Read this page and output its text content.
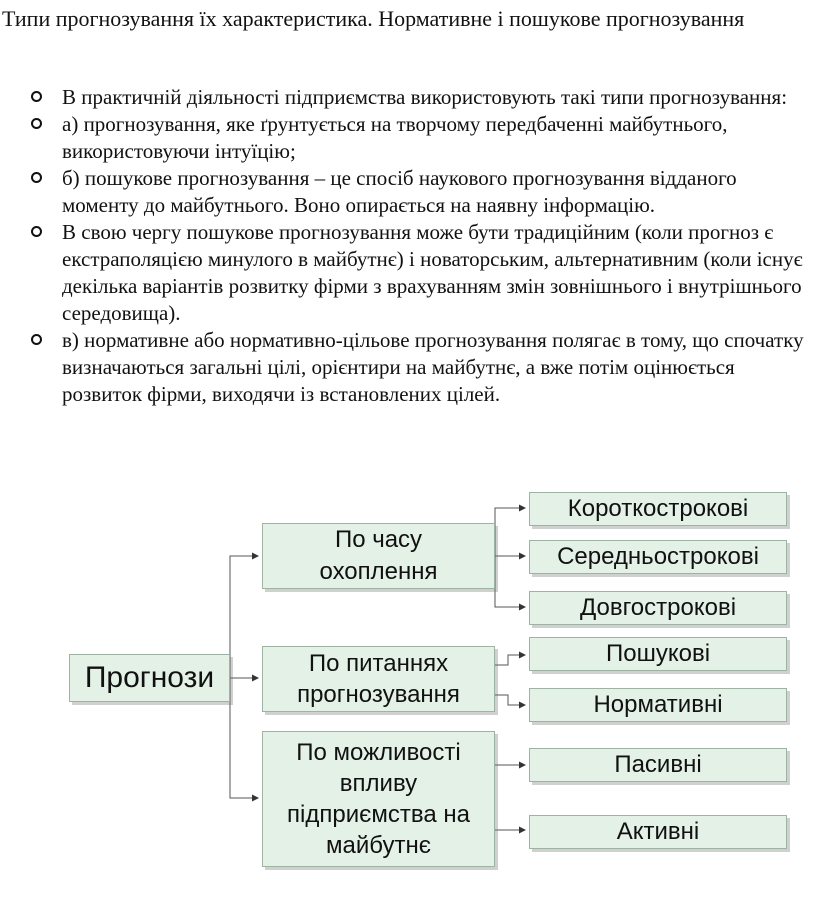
Типи прогнозування їх характеристика. Нормативне і пошукове прогнозування
В практичній діяльності підприємства використовують такі типи прогнозування:
а) прогнозування, яке ґрунтується на творчому передбаченні майбутнього, використовуючи інтуїцію;
б) пошукове прогнозування – це спосіб наукового прогнозування відданого моменту до майбутнього. Воно опирається на наявну інформацію.
В свою чергу пошукове прогнозування може бути традиційним (коли прогноз є екстраполяцією минулого в майбутнє) і новаторським, альтернативним (коли існує декілька варіантів розвитку фірми з врахуванням змін зовнішнього і внутрішнього середовища).
в) нормативне або нормативно-цільове прогнозування полягає в тому, що спочатку визначаються загальні цілі, орієнтири на майбутнє, а вже потім оцінюється розвиток фірми, виходячи із встановлених цілей.
Прогнози
По часу охоплення
По питаннях прогнозування
По можливості впливу підприємства на майбутнє
Короткострокові
Середньострокові
Довгострокові
Пошукові
Нормативні
Пасивні
Активні
